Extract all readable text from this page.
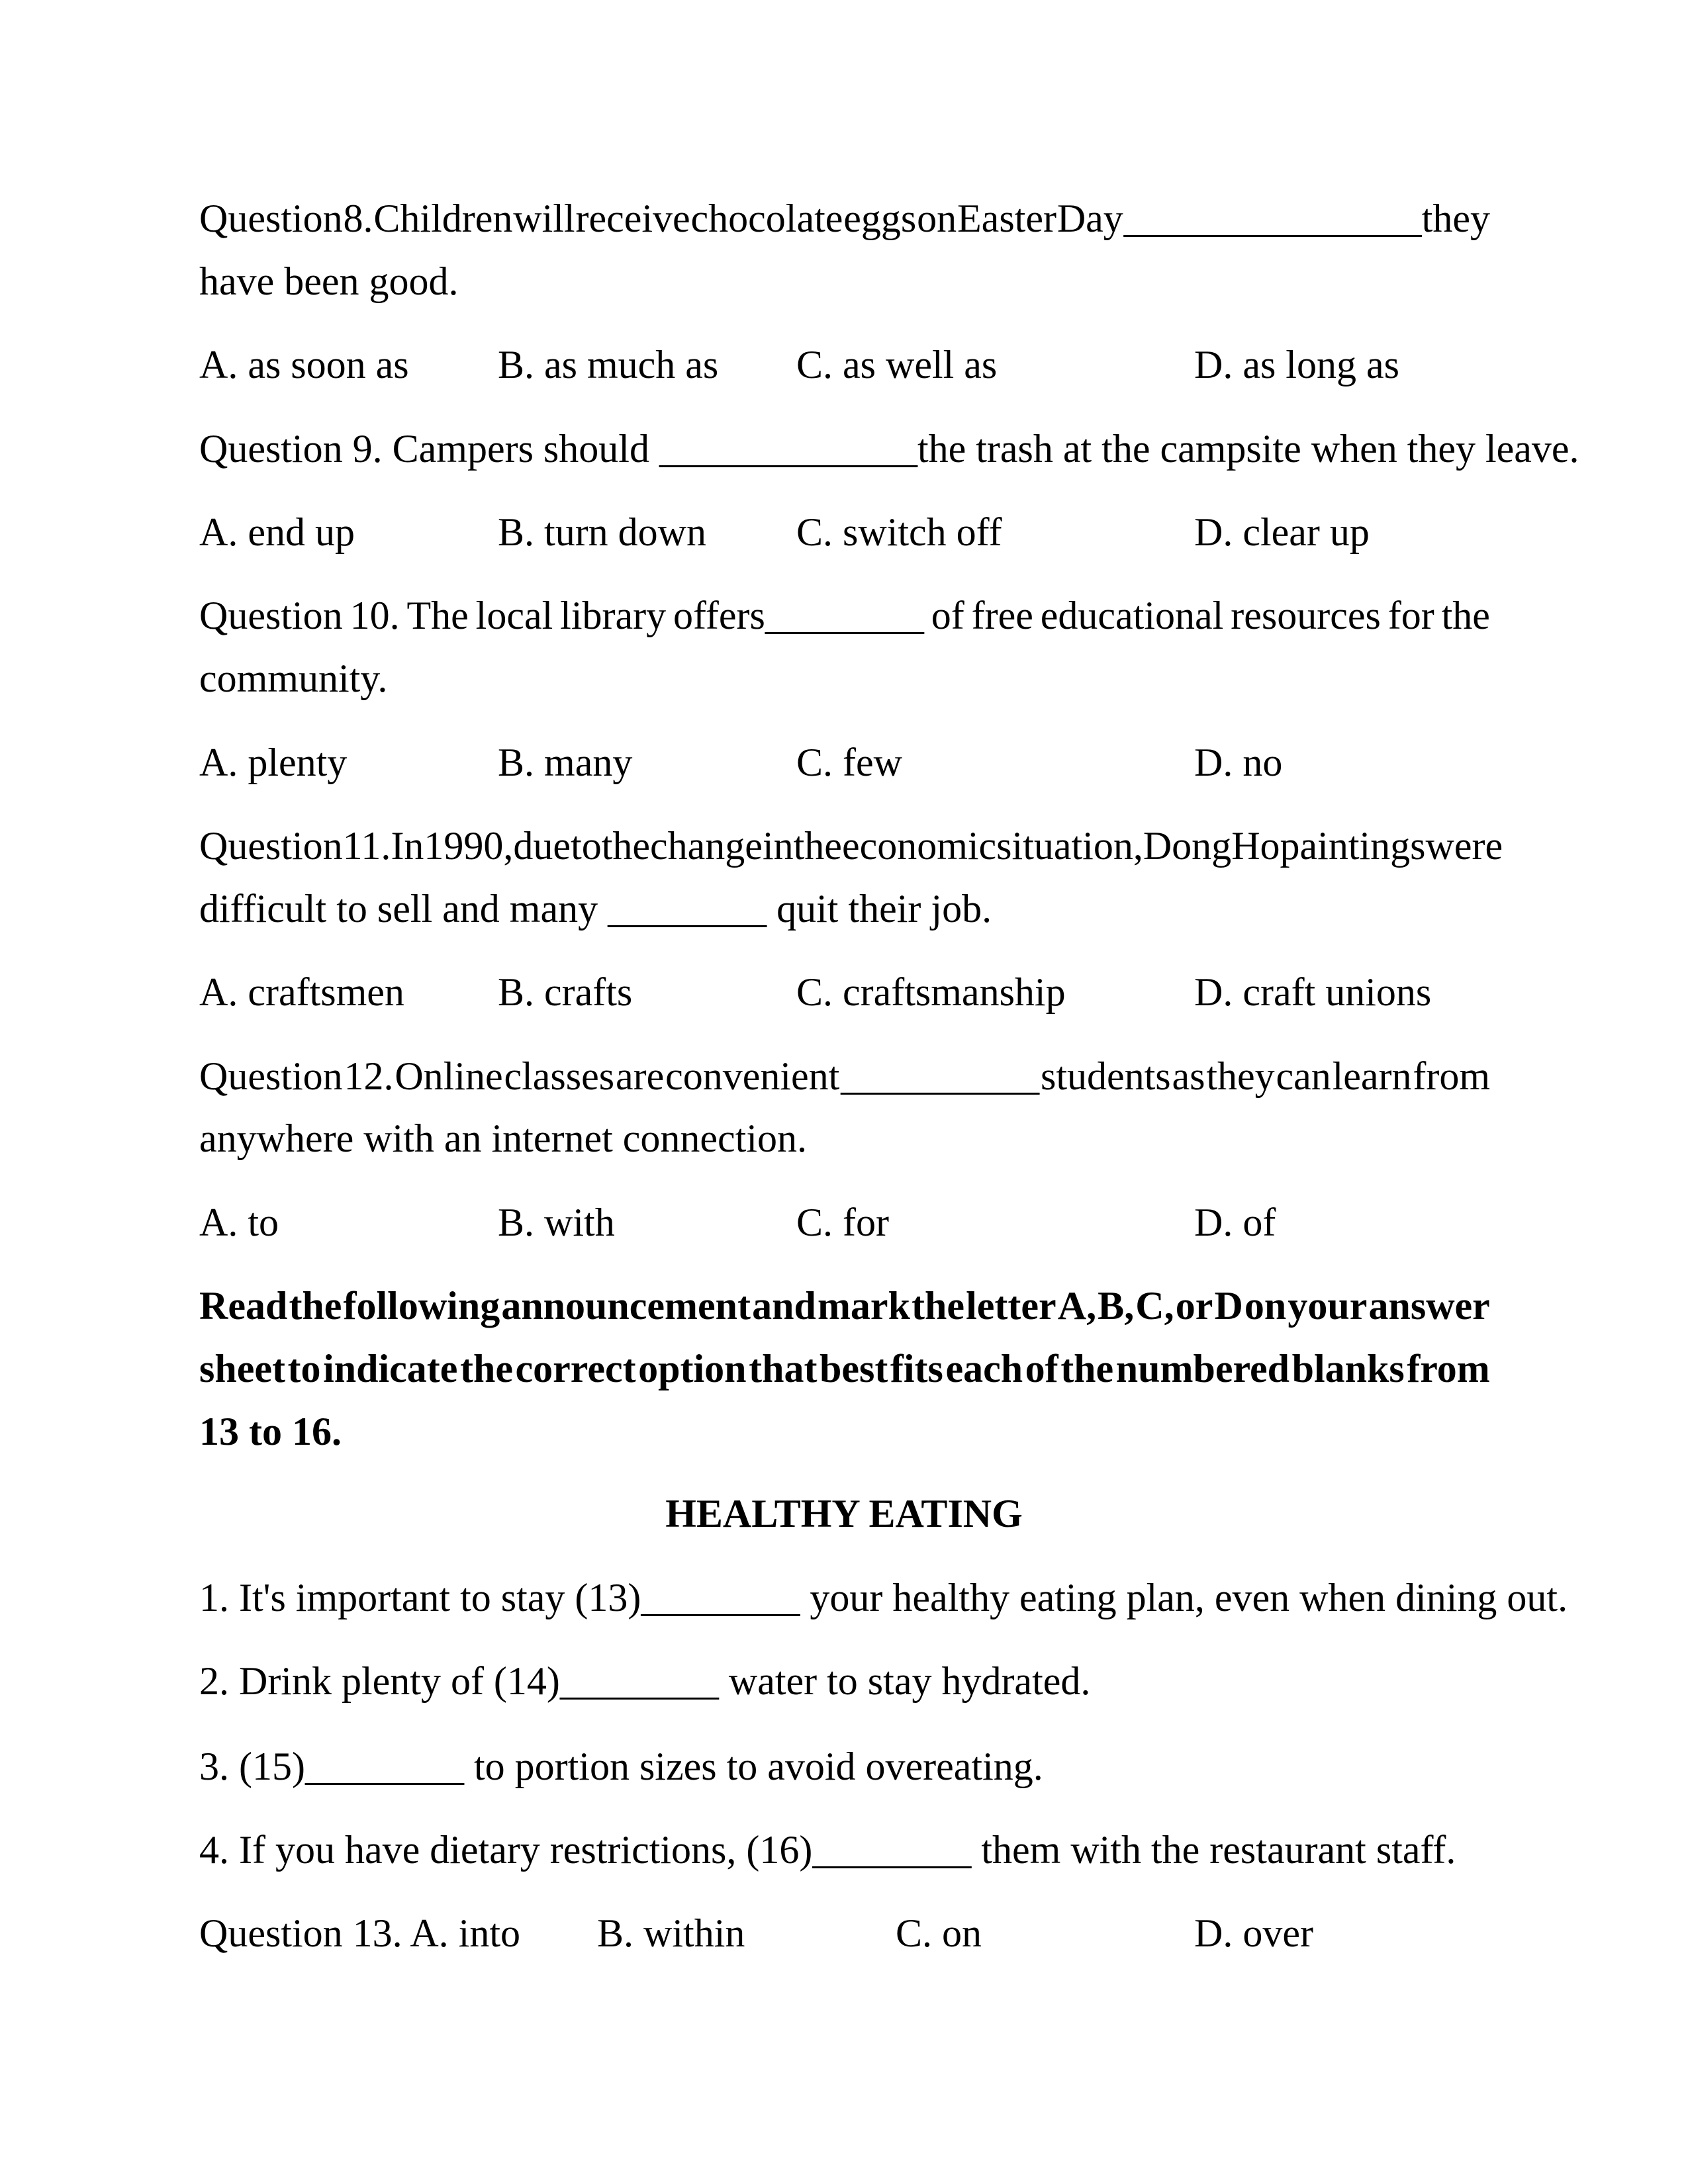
Question 8. Children will receive chocolate eggs on Easter Day _______________they
have been good.
A. as soon as B. as much as C. as well as	D. as long as
Question 9. Campers should _____________the trash at the campsite when they leave.
A. end up	B. turn down C. switch off	D. clear up
Question 10. The local library offers________ of free educational resources for the
community.
A. plenty	B. many	C. few	D. no
Question 11. In 1990, due to the change in the economic situation, Dong Ho paintings were
difficult to sell and many ________ quit their job.
A. craftsmen B. crafts	C. craftsmanship	D. craft unions
Question 12. Online classes are convenient __________ students as they can learn from
anywhere with an internet connection.
A. to	B. with	C. for	D. of
Read the following announcement and mark the letter A, B, C, or D on your answer
sheet to indicate the correct option that best fits each of the numbered blanks from
13 to 16.
HEALTHY EATING
1. It's important to stay (13)________ your healthy eating plan, even when dining out.
2. Drink plenty of (14)________ water to stay hydrated.
3. (15)________ to portion sizes to avoid overeating.
4. If you have dietary restrictions, (16)________ them with the restaurant staff.
Question 13. A. into B. within	C. on	D. over
